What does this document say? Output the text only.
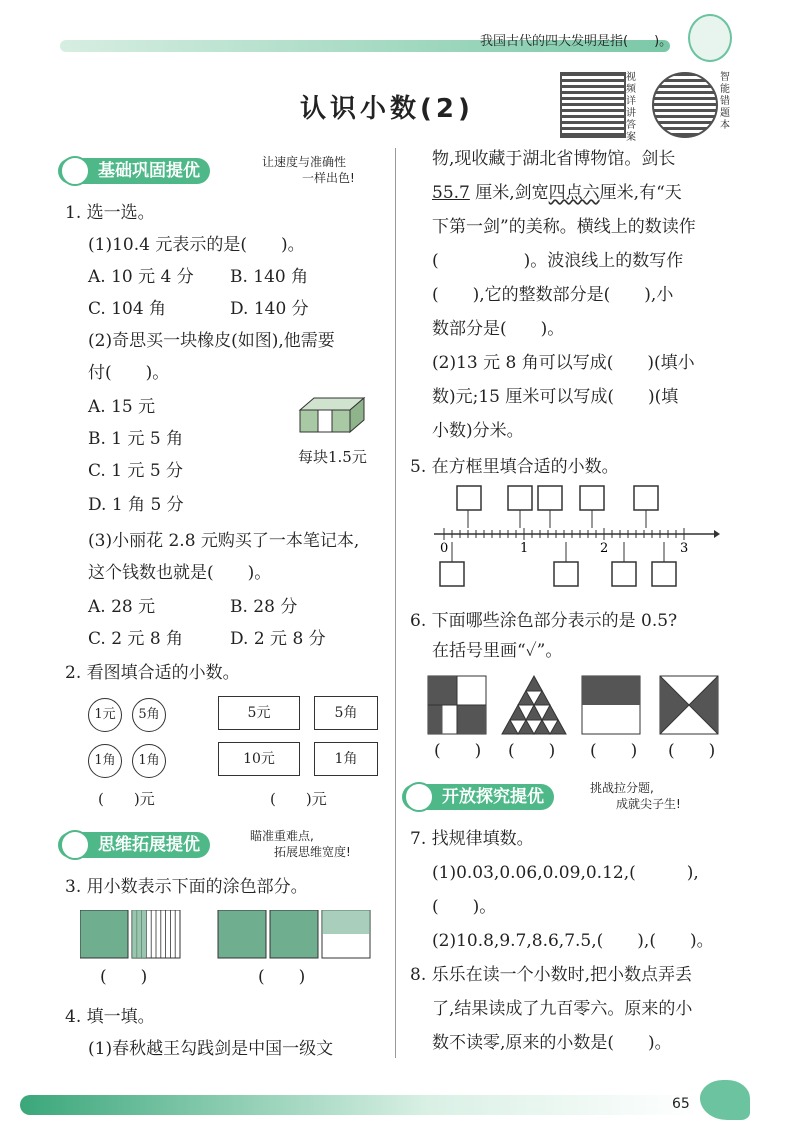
我国古代的四大发明是指(　　)。
认识小数(2)
视频详讲答案
智能错题本
基础巩固提优	让速度与准确性
一样出色!
1. 选一选。
(1)10.4 元表示的是(　　)。
A. 10 元 4 分 B. 140 角
C. 104 角	D. 140 分
(2)奇思买一块橡皮(如图),他需要
付(　　)。
A. 15 元
B. 1 元 5 角
C. 1 元 5 分
D. 1 角 5 分
每块1.5元
(3)小丽花 2.8 元购买了一本笔记本,
这个钱数也就是(　　)。
A. 28 元	B. 28 分
C. 2 元 8 角	D. 2 元 8 分
2. 看图填合适的小数。
1元	5角
1角	1角
(　　)元
5元	5角
10元	1角
(　　)元
思维拓展提优	瞄准重难点,
拓展思维宽度!
3. 用小数表示下面的涂色部分。
(　　)	(　　)
4. 填一填。
(1)春秋越王勾践剑是中国一级文
物,现收藏于湖北省博物馆。剑长
55.7 厘米,剑宽四点六厘米,有“天
下第一剑”的美称。横线上的数读作
(　　　　　)。波浪线上的数写作
(　　),它的整数部分是(　　),小
数部分是(　　)。
(2)13 元 8 角可以写成(　　)(填小
数)元;15 厘米可以写成(　　)(填
小数)分米。
5. 在方框里填合适的小数。
0	1	2	3
6. 下面哪些涂色部分表示的是 0.5?
在括号里画“✓”。
(　　) (　　) (　　) (　　)
开放探究提优	挑战拉分题,
成就尖子生!
7. 找规律填数。
(1)0.03,0.06,0.09,0.12,(　　　),
(　　)。
(2)10.8,9.7,8.6,7.5,(　　),(　　)。
8. 乐乐在读一个小数时,把小数点弄丢
了,结果读成了九百零六。原来的小
数不读零,原来的小数是(　　)。
65
